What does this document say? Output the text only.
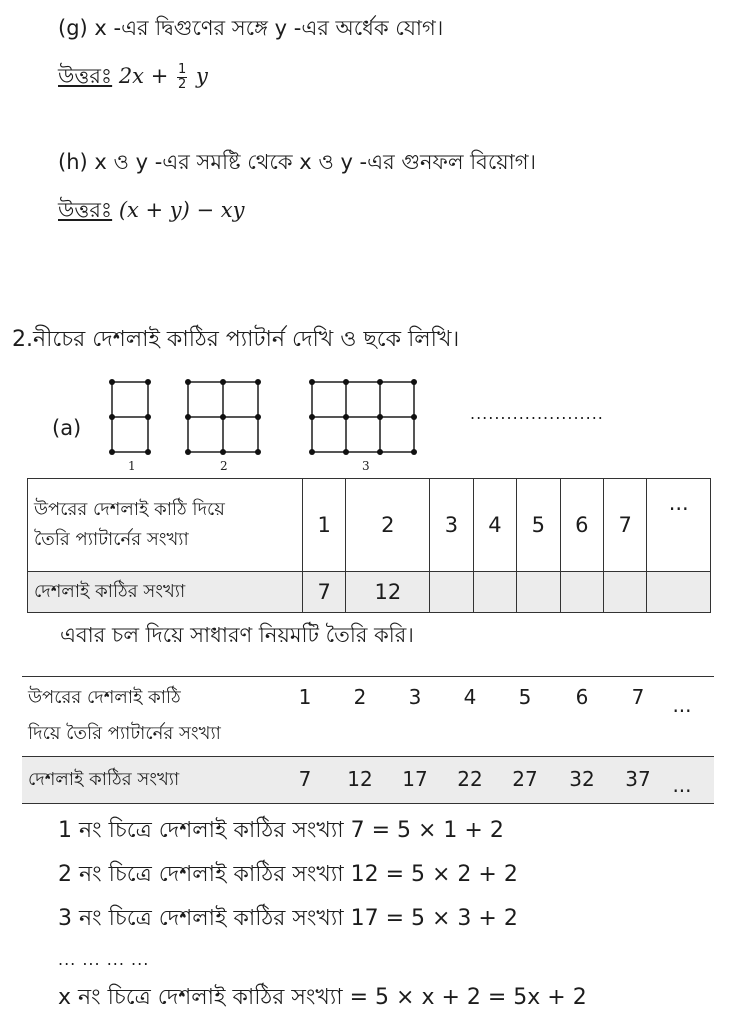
(g) x -এর দ্বিগুণের সঙ্গে y -এর অর্ধেক যোগ।
উত্তরঃ $2x + \frac{1}{2}$ y
(h) x ও y -এর সমষ্টি থেকে x ও y -এর গুনফল বিয়োগ।
উত্তরঃ (x + y) − xy
2.নীচের দেশলাই কাঠির প্যাটার্ন দেখি ও ছকে লিখি।
(a)
1	2	3
......................
উপরের দেশলাই কাঠি দিয়ে
তৈরি প্যাটার্নের সংখ্যা	1	2	3	4	5	6	7	...
দেশলাই কাঠির সংখ্যা	7	12						
এবার চল দিয়ে সাধারণ নিয়মটি তৈরি করি।
উপরের দেশলাই কাঠি
দিয়ে তৈরি প্যাটার্নের সংখ্যা
1	2	3	4	5	6	7	...
দেশলাই কাঠির সংখ্যা	7	12	17	22	27	32	37	...
1 নং চিত্রে দেশলাই কাঠির সংখ্যা 7 = 5 × 1 + 2
2 নং চিত্রে দেশলাই কাঠির সংখ্যা 12 = 5 × 2 + 2
3 নং চিত্রে দেশলাই কাঠির সংখ্যা 17 = 5 × 3 + 2
... ... ... ...
x নং চিত্রে দেশলাই কাঠির সংখ্যা = 5 × x + 2 = 5x + 2
